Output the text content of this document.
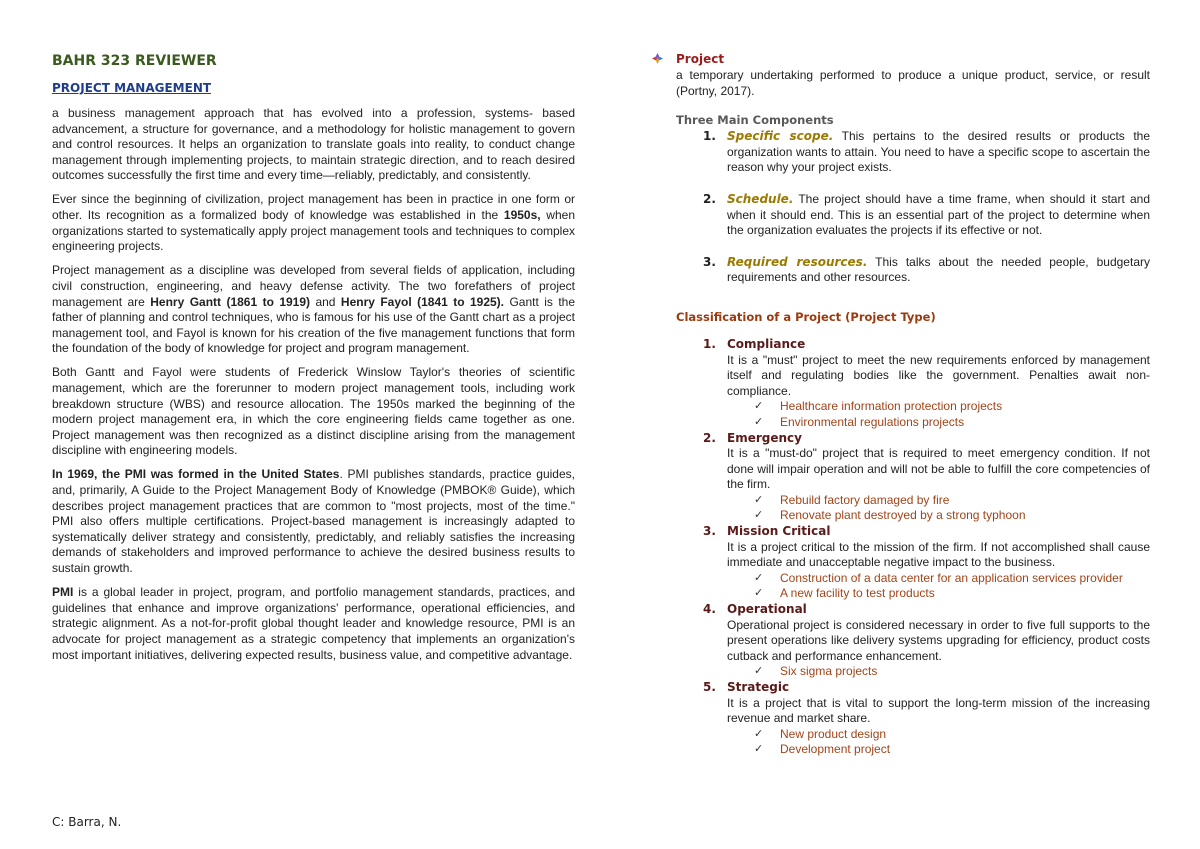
BAHR 323 REVIEWER
PROJECT MANAGEMENT

a business management approach that has evolved into a profession, systems- based advancement, a structure for governance, and a methodology for holistic management to govern and control resources. It helps an organization to translate goals into reality, to conduct change management through implementing projects, to maintain strategic direction, and to reach desired outcomes successfully the first time and every time—reliably, predictably, and consistently.

Ever since the beginning of civilization, project management has been in practice in one form or other. Its recognition as a formalized body of knowledge was established in the 1950s, when organizations started to systematically apply project management tools and techniques to complex engineering projects.

Project management as a discipline was developed from several fields of application, including civil construction, engineering, and heavy defense activity. The two forefathers of project management are Henry Gantt (1861 to 1919) and Henry Fayol (1841 to 1925). Gantt is the father of planning and control techniques, who is famous for his use of the Gantt chart as a project management tool, and Fayol is known for his creation of the five management functions that form the foundation of the body of knowledge for project and program management.

Both Gantt and Fayol were students of Frederick Winslow Taylor's theories of scientific management, which are the forerunner to modern project management tools, including work breakdown structure (WBS) and resource allocation. The 1950s marked the beginning of the modern project management era, in which the core engineering fields came together as one. Project management was then recognized as a distinct discipline arising from the management discipline with engineering models.

In 1969, the PMI was formed in the United States. PMI publishes standards, practice guides, and, primarily, A Guide to the Project Management Body of Knowledge (PMBOK® Guide), which describes project management practices that are common to "most projects, most of the time." PMI also offers multiple certifications. Project-based management is increasingly adapted to systematically deliver strategy and consistently, predictably, and reliably satisfies the increasing demands of stakeholders and improved performance to achieve the desired business results to sustain growth.

PMI is a global leader in project, program, and portfolio management standards, practices, and guidelines that enhance and improve organizations' performance, operational efficiencies, and strategic alignment. As a not-for-profit global thought leader and knowledge resource, PMI is an advocate for project management as a strategic competency that implements an organization's most important initiatives, delivering expected results, business value, and competitive advantage.

C: Barra, N.
Project

a temporary undertaking performed to produce a unique product, service, or result (Portny, 2017).

Three Main Components
1. Specific scope. This pertains to the desired results or products the organization wants to attain. You need to have a specific scope to ascertain the reason why your project exists.
2. Schedule. The project should have a time frame, when should it start and when it should end. This is an essential part of the project to determine when the organization evaluates the projects if its effective or not.
3. Required resources. This talks about the needed people, budgetary requirements and other resources.
Classification of a Project (Project Type)
1. Compliance
It is a "must" project to meet the new requirements enforced by management itself and regulating bodies like the government. Penalties await non-compliance.
✓ Healthcare information protection projects
✓ Environmental regulations projects
2. Emergency
It is a "must-do" project that is required to meet emergency condition. If not done will impair operation and will not be able to fulfill the core competencies of the firm.
✓ Rebuild factory damaged by fire
✓ Renovate plant destroyed by a strong typhoon
3. Mission Critical
It is a project critical to the mission of the firm. If not accomplished shall cause immediate and unacceptable negative impact to the business.
✓ Construction of a data center for an application services provider
✓ A new facility to test products
4. Operational
Operational project is considered necessary in order to five full supports to the present operations like delivery systems upgrading for efficiency, product costs cutback and performance enhancement.
✓ Six sigma projects
5. Strategic
It is a project that is vital to support the long-term mission of the increasing revenue and market share.
✓ New product design
✓ Development project
